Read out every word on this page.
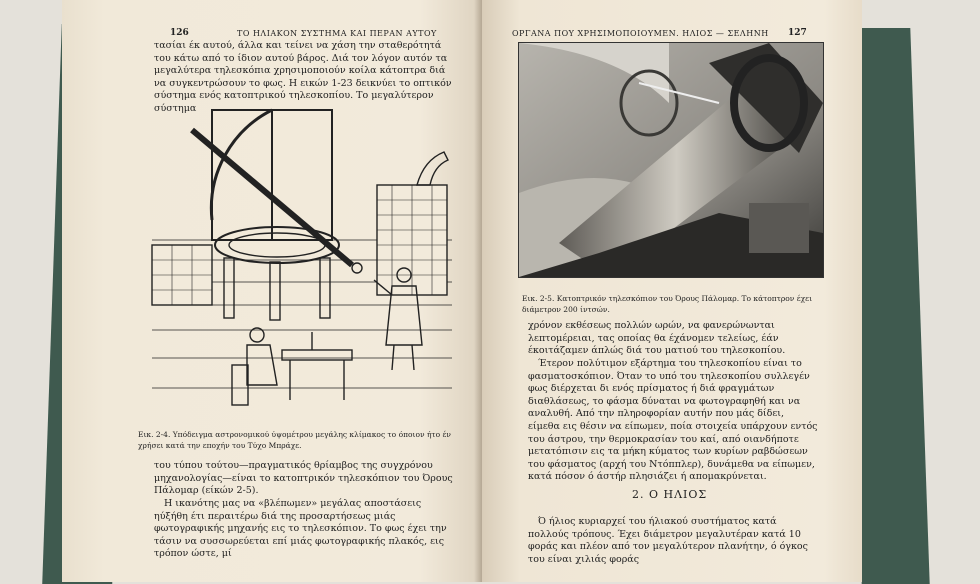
126	ΤΟ ΗΛΙΑΚΟΝ ΣΥΣΤΗΜΑ ΚΑΙ ΠΕΡΑΝ ΑΥΤΟΥ

τασίαι έκ αυτού, άλλα και τείνει να χάση την σταθερότητά του κάτω από το ίδιον αυτού βάρος. Διά τον λόγον αυτόν τα μεγαλύτερα τηλεσκόπια χρησιμοποιούν κοίλα κάτοπτρα διά να συγκεντρώσουν το φως. Η εικών 1-23 δεικνύει το οπτικόν σύστημα ενός κατοπτρικού τηλεσκοπίου. Το μεγαλύτερον σύστημα

Εικ. 2-4. Υπόδειγμα αστρονομικού ύψομέτρου μεγάλης κλίμακος το όποιον ήτο έν χρήσει κατά την εποχήν του Τύχο Μπράχε.

του τύπου τούτου—πραγματικός θρίαμβος της συγχρόνου μηχανολογίας—είναι το κατοπτρικόν τηλεσκόπιον του Όρους Πάλομαρ (είκών 2-5).

Η ικανότης μας να «βλέπωμεν» μεγάλας αποστάσεις ηύξήθη έτι περαιτέρω διά της προσαρτήσεως μιάς φωτογραφικής μηχανής εις το τηλεσκόπιον. Το φως έχει την τάσιν να συσσωρεύεται επί μιάς φωτογραφικής πλακός, εις τρόπον ώστε, μί

ΟΡΓΑΝΑ ΠΟΥ ΧΡΗΣΙΜΟΠΟΙΟΥΜΕΝ. ΗΛΙΟΣ — ΣΕΛΗΝΗ 127
Εικ. 2-5. Κατοπτρικόν τηλεσκόπιον του Όρους Πάλομαρ. Το κάτοπτρον έχει διάμετρον 200 ίντσών.

χρόνον εκθέσεως πολλών ωρών, να φανερώνωνται λεπτομέρειαι, τας οποίας θα έχάνομεν τελείως, έάν έκοιτάζαμεν άπλώς διά του ματιού του τηλεσκοπίου.

Έτερον πολύτιμον εξάρτημα του τηλεσκοπίου είναι το φασματοσκόπιον. Όταν το υπό του τηλεσκοπίου συλλεγέν φως διέρχεται δι ενός πρίσματος ή διά φραγμάτων διαθλάσεως, το φάσμα δύναται να φωτογραφηθή και να αναλυθή. Από την πληροφορίαν αυτήν που μάς δίδει, είμεθα εις θέσιν να είπωμεν, ποία στοιχεία υπάρχουν εντός του άστρου, την θερμοκρασίαν του καί, από οιανδήποτε μετατόπισιν εις τα μήκη κύματος των κυρίων ραβδώσεων του φάσματος (αρχή του Ντόππλερ), δυνάμεθα να είπωμεν, κατά πόσον ό άστήρ πλησιάζει ή απομακρύνεται.

2. Ο ΗΛΙΟΣ

Ό ήλιος κυριαρχεί του ήλιακού συστήματος κατά πολλούς τρόπους. Έχει διάμετρον μεγαλυτέραν κατά 10 φοράς και πλέον από τον μεγαλύτερον πλανήτην, ό όγκος του είναι χιλιάς φοράς
